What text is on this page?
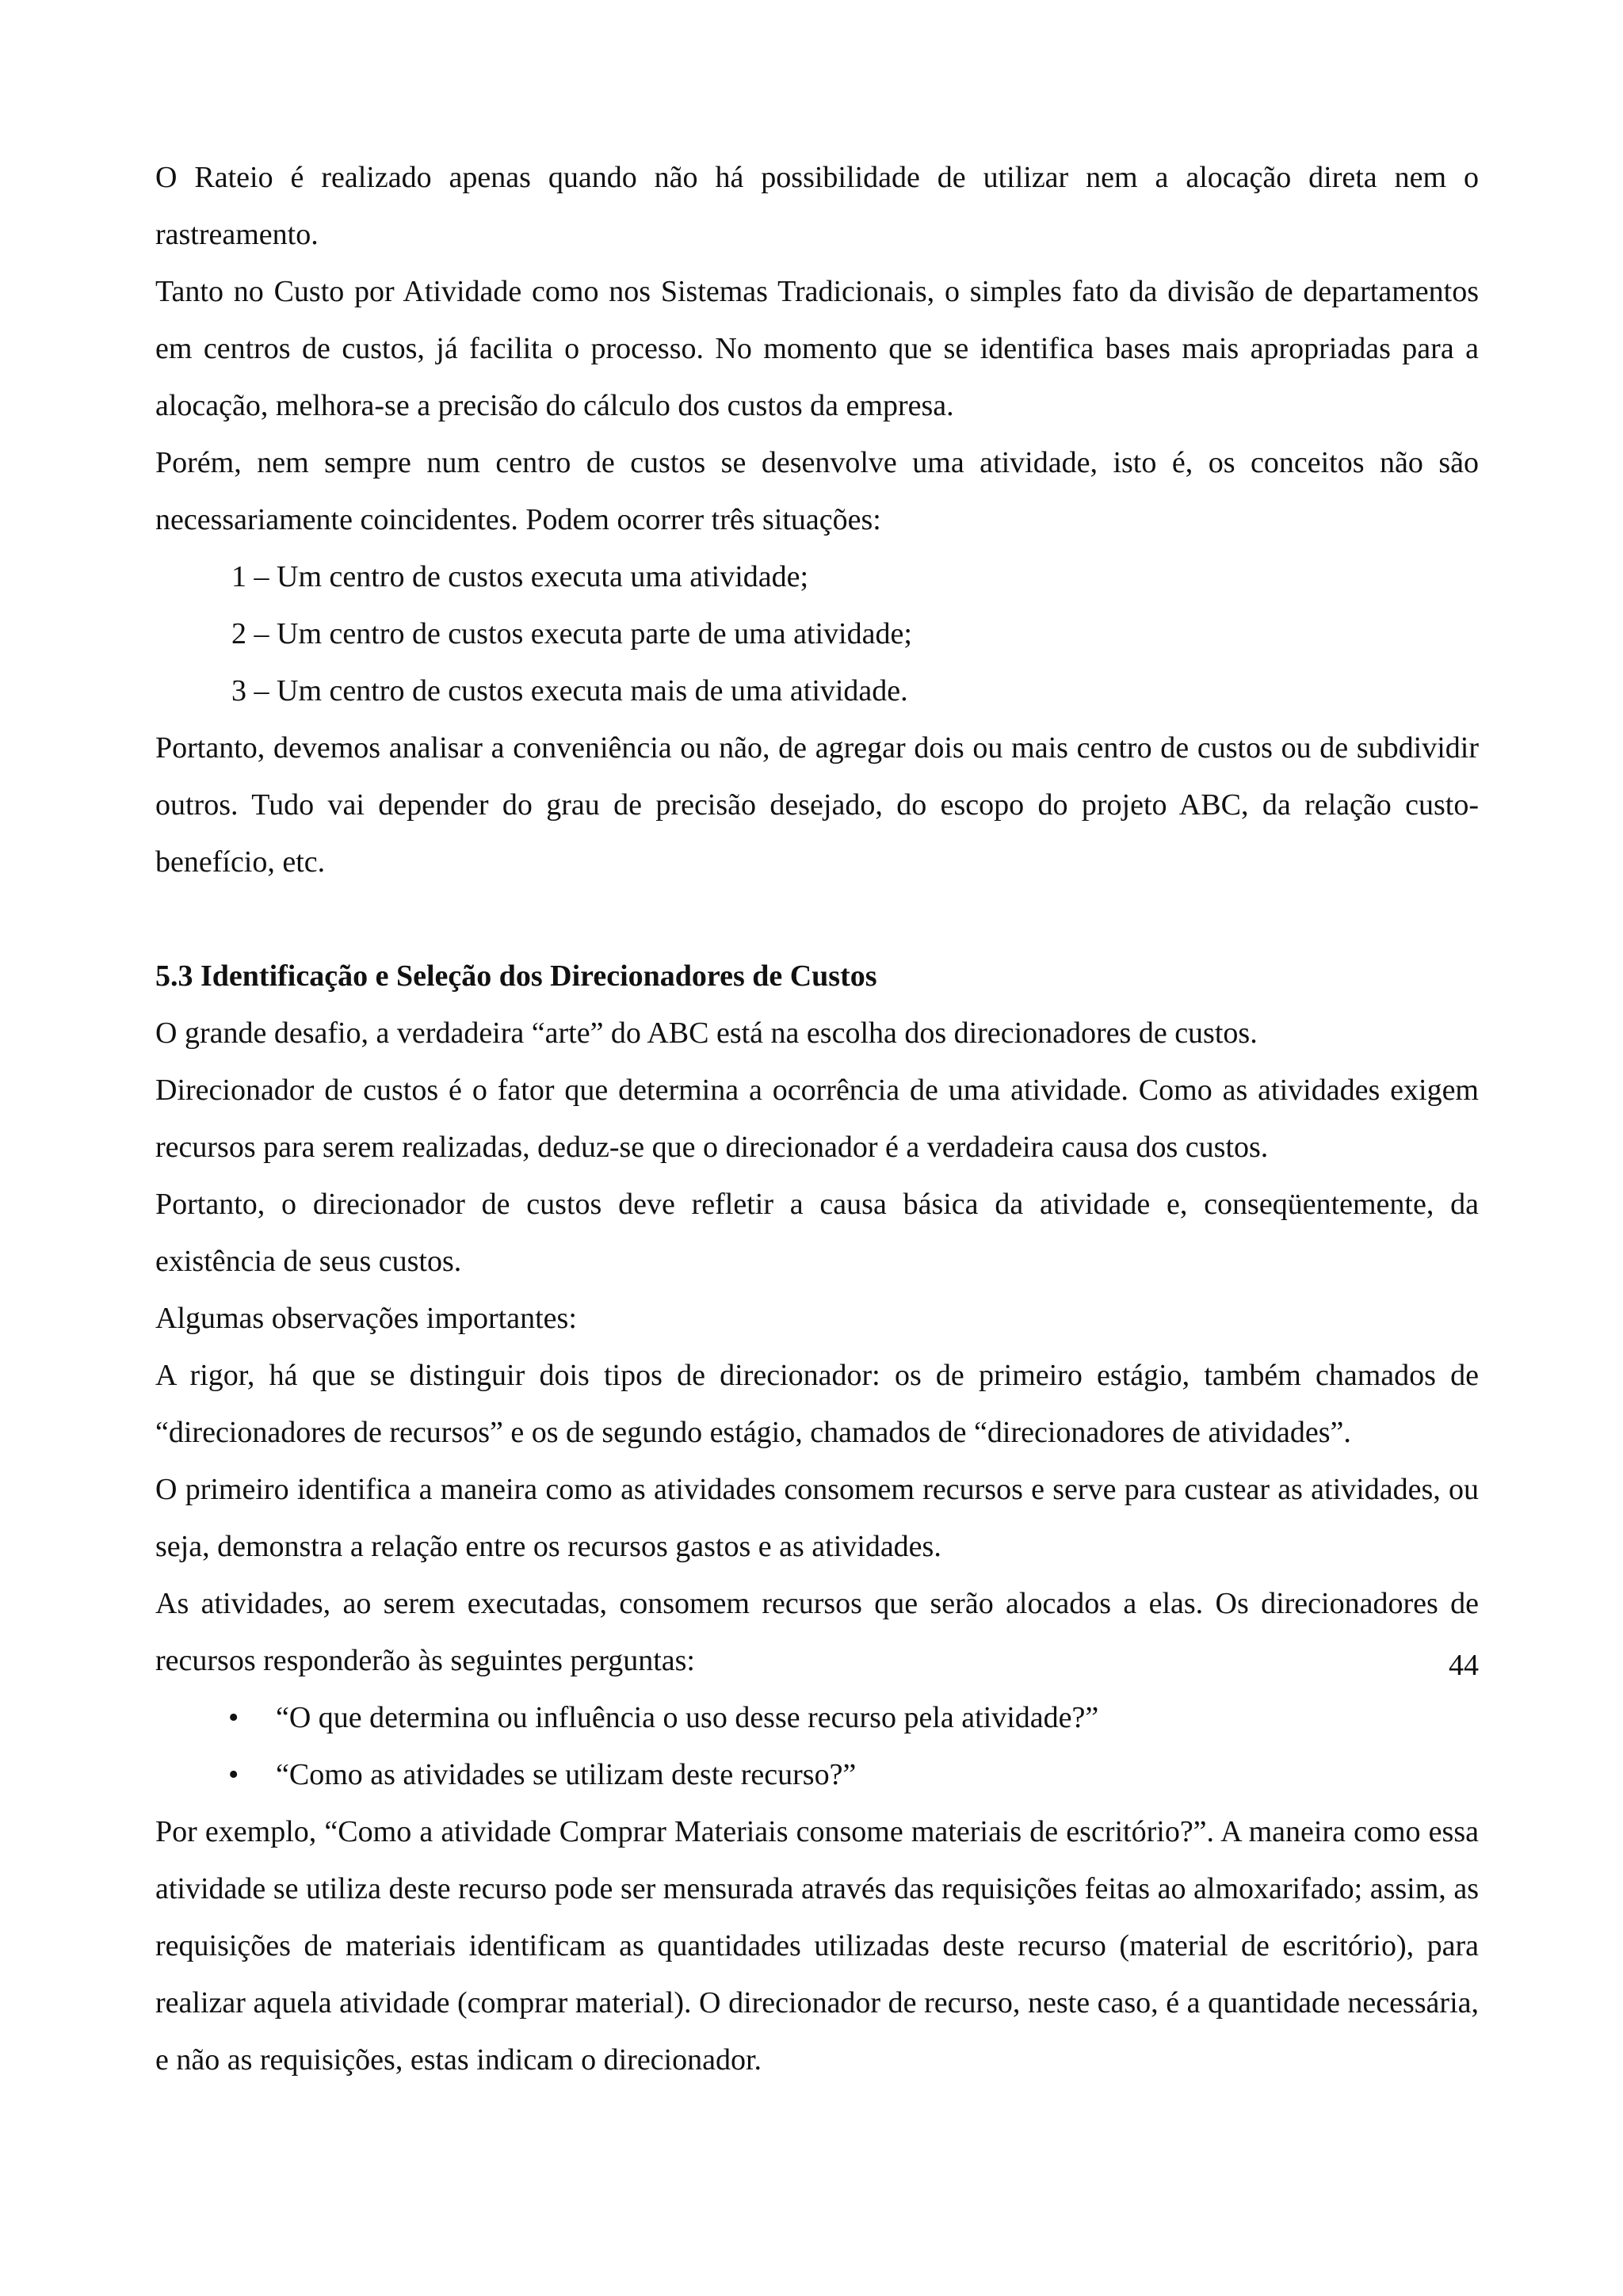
O Rateio é realizado apenas quando não há possibilidade de utilizar nem a alocação direta nem o rastreamento.

Tanto no Custo por Atividade como nos Sistemas Tradicionais, o simples fato da divisão de departamentos em centros de custos, já facilita o processo. No momento que se identifica bases mais apropriadas para a alocação, melhora-se a precisão do cálculo dos custos da empresa.

Porém, nem sempre num centro de custos se desenvolve uma atividade, isto é, os conceitos não são necessariamente coincidentes. Podem ocorrer três situações:

1 – Um centro de custos executa uma atividade;

2 – Um centro de custos executa parte de uma atividade;

3 – Um centro de custos executa mais de uma atividade.

Portanto, devemos analisar a conveniência ou não, de agregar dois ou mais centro de custos ou de subdividir outros. Tudo vai depender do grau de precisão desejado, do escopo do projeto ABC, da relação custo-benefício, etc.

5.3 Identificação e Seleção dos Direcionadores de Custos

O grande desafio, a verdadeira “arte” do ABC está na escolha dos direcionadores de custos.

Direcionador de custos é o fator que determina a ocorrência de uma atividade. Como as atividades exigem recursos para serem realizadas, deduz-se que o direcionador é a verdadeira causa dos custos.

Portanto, o direcionador de custos deve refletir a causa básica da atividade e, conseqüentemente, da existência de seus custos.

Algumas observações importantes:

A rigor, há que se distinguir dois tipos de direcionador: os de primeiro estágio, também chamados de “direcionadores de recursos” e os de segundo estágio, chamados de “direcionadores de atividades”.

O primeiro identifica a maneira como as atividades consomem recursos e serve para custear as atividades, ou seja, demonstra a relação entre os recursos gastos e as atividades.

As atividades, ao serem executadas, consomem recursos que serão alocados a elas. Os direcionadores de recursos responderão às seguintes perguntas:

• “O que determina ou influência o uso desse recurso pela atividade?”
• “Como as atividades se utilizam deste recurso?”

Por exemplo, “Como a atividade Comprar Materiais consome materiais de escritório?”. A maneira como essa atividade se utiliza deste recurso pode ser mensurada através das requisições feitas ao almoxarifado; assim, as requisições de materiais identificam as quantidades utilizadas deste recurso (material de escritório), para realizar aquela atividade (comprar material). O direcionador de recurso, neste caso, é a quantidade necessária, e não as requisições, estas indicam o direcionador.

44
